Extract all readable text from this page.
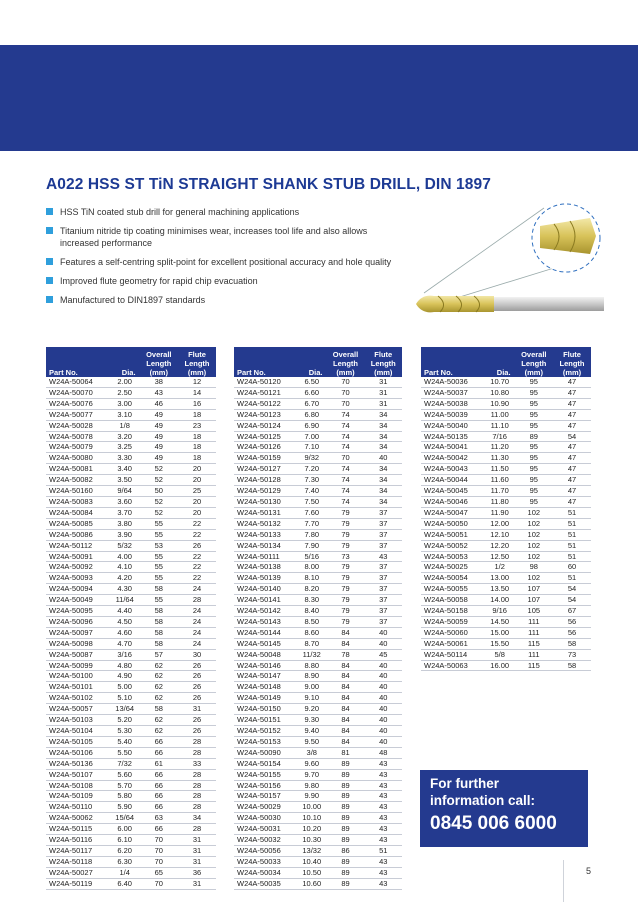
A022 HSS ST TiN STRAIGHT SHANK STUB DRILL, DIN 1897
HSS TiN coated stub drill for general machining applications
Titanium nitride tip coating minimises wear, increases tool life and also allows increased performance
Features a self-centring split-point for excellent positional accuracy and hole quality
Improved flute geometry for rapid chip evacuation
Manufactured to DIN1897 standards
Part No.	Dia.	Overall
Length
(mm)	Flute
Length
(mm)
W24A-50064	2.00	38	12
W24A-50070	2.50	43	14
W24A-50076	3.00	46	16
W24A-50077	3.10	49	18
W24A-50028	1/8	49	23
W24A-50078	3.20	49	18
W24A-50079	3.25	49	18
W24A-50080	3.30	49	18
W24A-50081	3.40	52	20
W24A-50082	3.50	52	20
W24A-50160	9/64	50	25
W24A-50083	3.60	52	20
W24A-50084	3.70	52	20
W24A-50085	3.80	55	22
W24A-50086	3.90	55	22
W24A-50112	5/32	53	26
W24A-50091	4.00	55	22
W24A-50092	4.10	55	22
W24A-50093	4.20	55	22
W24A-50094	4.30	58	24
W24A-50049	11/64	55	28
W24A-50095	4.40	58	24
W24A-50096	4.50	58	24
W24A-50097	4.60	58	24
W24A-50098	4.70	58	24
W24A-50087	3/16	57	30
W24A-50099	4.80	62	26
W24A-50100	4.90	62	26
W24A-50101	5.00	62	26
W24A-50102	5.10	62	26
W24A-50057	13/64	58	31
W24A-50103	5.20	62	26
W24A-50104	5.30	62	26
W24A-50105	5.40	66	28
W24A-50106	5.50	66	28
W24A-50136	7/32	61	33
W24A-50107	5.60	66	28
W24A-50108	5.70	66	28
W24A-50109	5.80	66	28
W24A-50110	5.90	66	28
W24A-50062	15/64	63	34
W24A-50115	6.00	66	28
W24A-50116	6.10	70	31
W24A-50117	6.20	70	31
W24A-50118	6.30	70	31
W24A-50027	1/4	65	36
W24A-50119	6.40	70	31
Part No.	Dia.	Overall
Length
(mm)	Flute
Length
(mm)
W24A-50120	6.50	70	31
W24A-50121	6.60	70	31
W24A-50122	6.70	70	31
W24A-50123	6.80	74	34
W24A-50124	6.90	74	34
W24A-50125	7.00	74	34
W24A-50126	7.10	74	34
W24A-50159	9/32	70	40
W24A-50127	7.20	74	34
W24A-50128	7.30	74	34
W24A-50129	7.40	74	34
W24A-50130	7.50	74	34
W24A-50131	7.60	79	37
W24A-50132	7.70	79	37
W24A-50133	7.80	79	37
W24A-50134	7.90	79	37
W24A-50111	5/16	73	43
W24A-50138	8.00	79	37
W24A-50139	8.10	79	37
W24A-50140	8.20	79	37
W24A-50141	8.30	79	37
W24A-50142	8.40	79	37
W24A-50143	8.50	79	37
W24A-50144	8.60	84	40
W24A-50145	8.70	84	40
W24A-50048	11/32	78	45
W24A-50146	8.80	84	40
W24A-50147	8.90	84	40
W24A-50148	9.00	84	40
W24A-50149	9.10	84	40
W24A-50150	9.20	84	40
W24A-50151	9.30	84	40
W24A-50152	9.40	84	40
W24A-50153	9.50	84	40
W24A-50090	3/8	81	48
W24A-50154	9.60	89	43
W24A-50155	9.70	89	43
W24A-50156	9.80	89	43
W24A-50157	9.90	89	43
W24A-50029	10.00	89	43
W24A-50030	10.10	89	43
W24A-50031	10.20	89	43
W24A-50032	10.30	89	43
W24A-50056	13/32	86	51
W24A-50033	10.40	89	43
W24A-50034	10.50	89	43
W24A-50035	10.60	89	43
Part No.	Dia.	Overall
Length
(mm)	Flute
Length
(mm)
W24A-50036	10.70	95	47
W24A-50037	10.80	95	47
W24A-50038	10.90	95	47
W24A-50039	11.00	95	47
W24A-50040	11.10	95	47
W24A-50135	7/16	89	54
W24A-50041	11.20	95	47
W24A-50042	11.30	95	47
W24A-50043	11.50	95	47
W24A-50044	11.60	95	47
W24A-50045	11.70	95	47
W24A-50046	11.80	95	47
W24A-50047	11.90	102	51
W24A-50050	12.00	102	51
W24A-50051	12.10	102	51
W24A-50052	12.20	102	51
W24A-50053	12.50	102	51
W24A-50025	1/2	98	60
W24A-50054	13.00	102	51
W24A-50055	13.50	107	54
W24A-50058	14.00	107	54
W24A-50158	9/16	105	67
W24A-50059	14.50	111	56
W24A-50060	15.00	111	56
W24A-50061	15.50	115	58
W24A-50114	5/8	111	73
W24A-50063	16.00	115	58
For further
information call:
0845 006 6000
5
